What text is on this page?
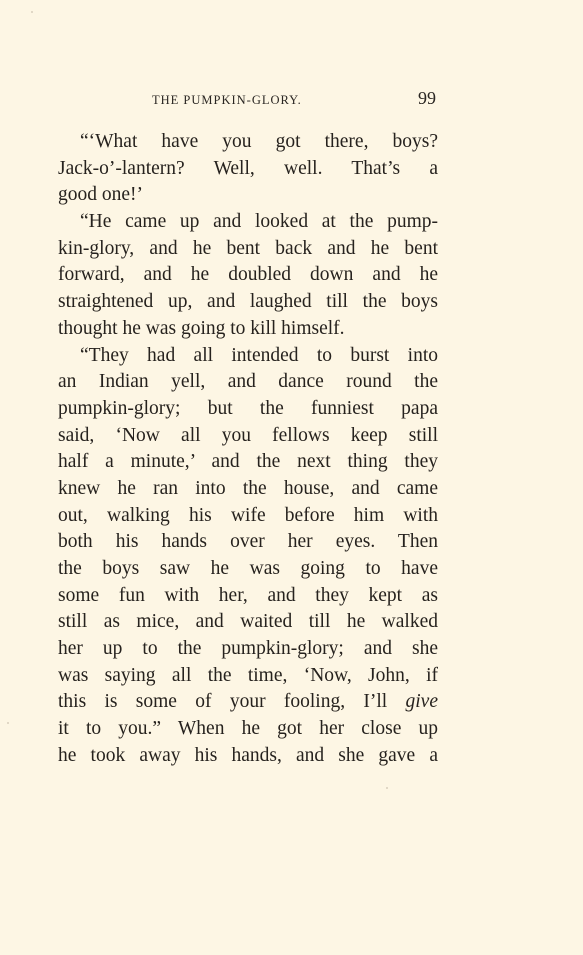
THE PUMPKIN-GLORY.	99
“‘What have you got there, boys?
Jack-o’-lantern? Well, well. That’s a
good one!’
“He came up and looked at the pump-
kin-glory, and he bent back and he bent
forward, and he doubled down and he
straightened up, and laughed till the boys
thought he was going to kill himself.
“They had all intended to burst into
an Indian yell, and dance round the
pumpkin-glory; but the funniest papa
said, ‘Now all you fellows keep still
half a minute,’ and the next thing they
knew he ran into the house, and came
out, walking his wife before him with
both his hands over her eyes. Then
the boys saw he was going to have
some fun with her, and they kept as
still as mice, and waited till he walked
her up to the pumpkin-glory; and she
was saying all the time, ‘Now, John, if
this is some of your fooling, I’ll give
it to you.” When he got her close up
he took away his hands, and she gave a
